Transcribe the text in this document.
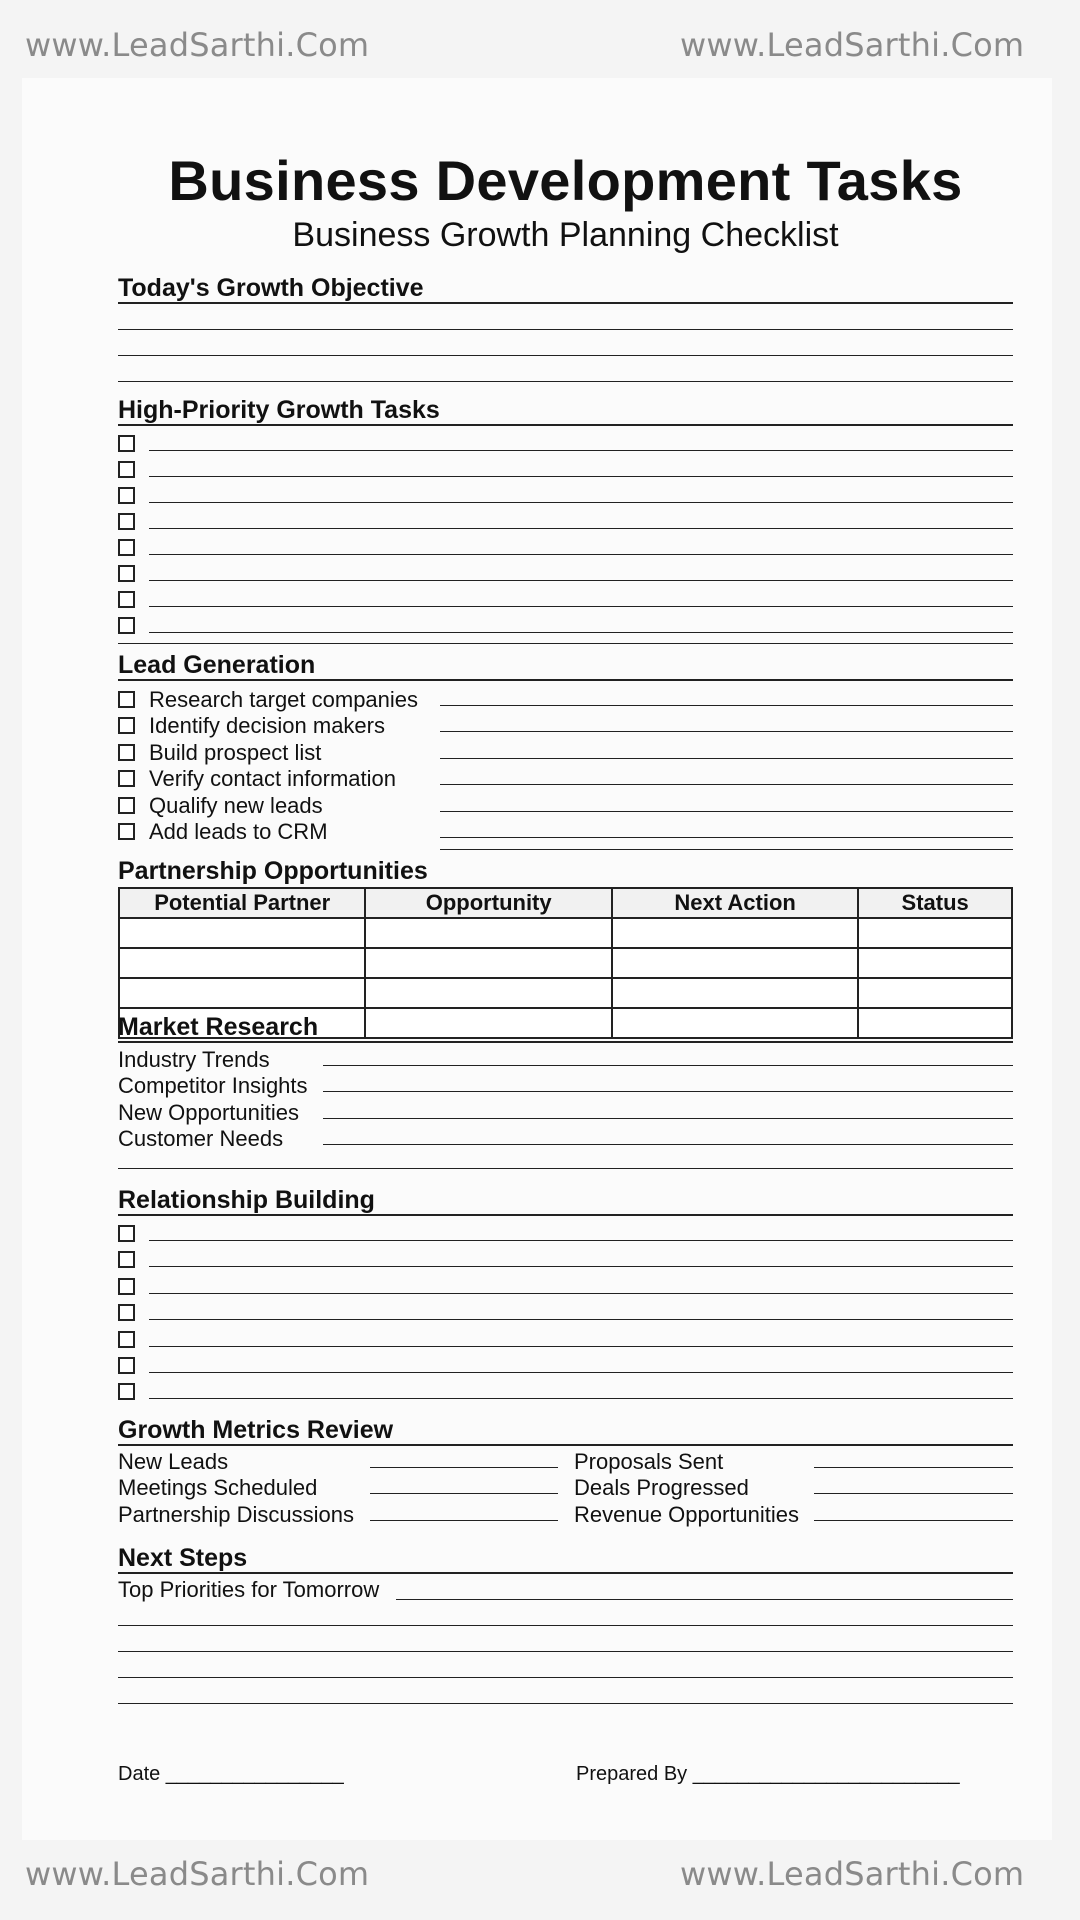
www.LeadSarthi.Com	www.LeadSarthi.Com
www.LeadSarthi.Com	www.LeadSarthi.Com
Business Development Tasks
Business Growth Planning Checklist
Today's Growth Objective
High-Priority Growth Tasks
Lead Generation
Research target companies
Identify decision makers
Build prospect list
Verify contact information
Qualify new leads
Add leads to CRM
Partnership Opportunities
Potential Partner	Opportunity	Next Action	Status

Market Research
Industry Trends
Competitor Insights
New Opportunities
Customer Needs
Relationship Building
Growth Metrics Review
New Leads	Proposals Sent
Meetings Scheduled	Deals Progressed
Partnership Discussions	Revenue Opportunities
Next Steps
Top Priorities for Tomorrow
Date ________________	Prepared By ________________________
